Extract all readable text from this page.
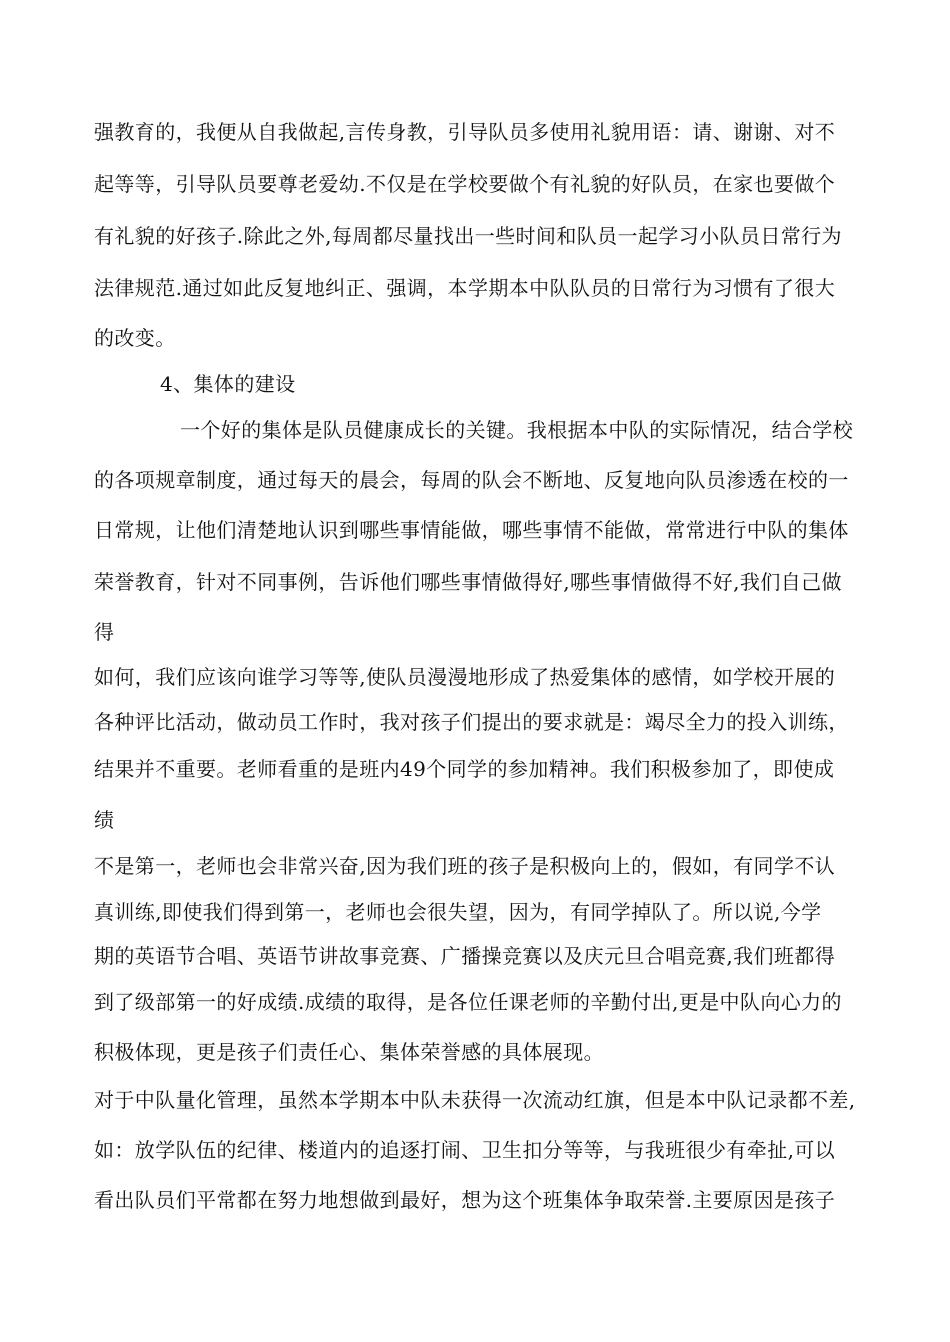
强教育的，我便从自我做起,言传身教，引导队员多使用礼貌用语：请、谢谢、对不
起等等，引导队员要尊老爱幼.不仅是在学校要做个有礼貌的好队员，在家也要做个
有礼貌的好孩子.除此之外,每周都尽量找出一些时间和队员一起学习小队员日常行为
法律规范.通过如此反复地纠正、强调，本学期本中队队员的日常行为习惯有了很大
的改变。
4、集体的建设
一个好的集体是队员健康成长的关键。我根据本中队的实际情况，结合学校
的各项规章制度，通过每天的晨会，每周的队会不断地、反复地向队员渗透在校的一
日常规，让他们清楚地认识到哪些事情能做，哪些事情不能做，常常进行中队的集体
荣誉教育，针对不同事例，告诉他们哪些事情做得好,哪些事情做得不好,我们自己做
得
如何，我们应该向谁学习等等,使队员漫漫地形成了热爱集体的感情，如学校开展的
各种评比活动，做动员工作时，我对孩子们提出的要求就是：竭尽全力的投入训练，
结果并不重要。老师看重的是班内49个同学的参加精神。我们积极参加了，即使成
绩
不是第一，老师也会非常兴奋,因为我们班的孩子是积极向上的，假如，有同学不认
真训练,即使我们得到第一，老师也会很失望，因为，有同学掉队了。所以说,今学
期的英语节合唱、英语节讲故事竞赛、广播操竞赛以及庆元旦合唱竞赛,我们班都得
到了级部第一的好成绩.成绩的取得，是各位任课老师的辛勤付出,更是中队向心力的
积极体现，更是孩子们责任心、集体荣誉感的具体展现。
对于中队量化管理，虽然本学期本中队未获得一次流动红旗，但是本中队记录都不差,
如：放学队伍的纪律、楼道内的追逐打闹、卫生扣分等等，与我班很少有牵扯,可以
看出队员们平常都在努力地想做到最好，想为这个班集体争取荣誉.主要原因是孩子
